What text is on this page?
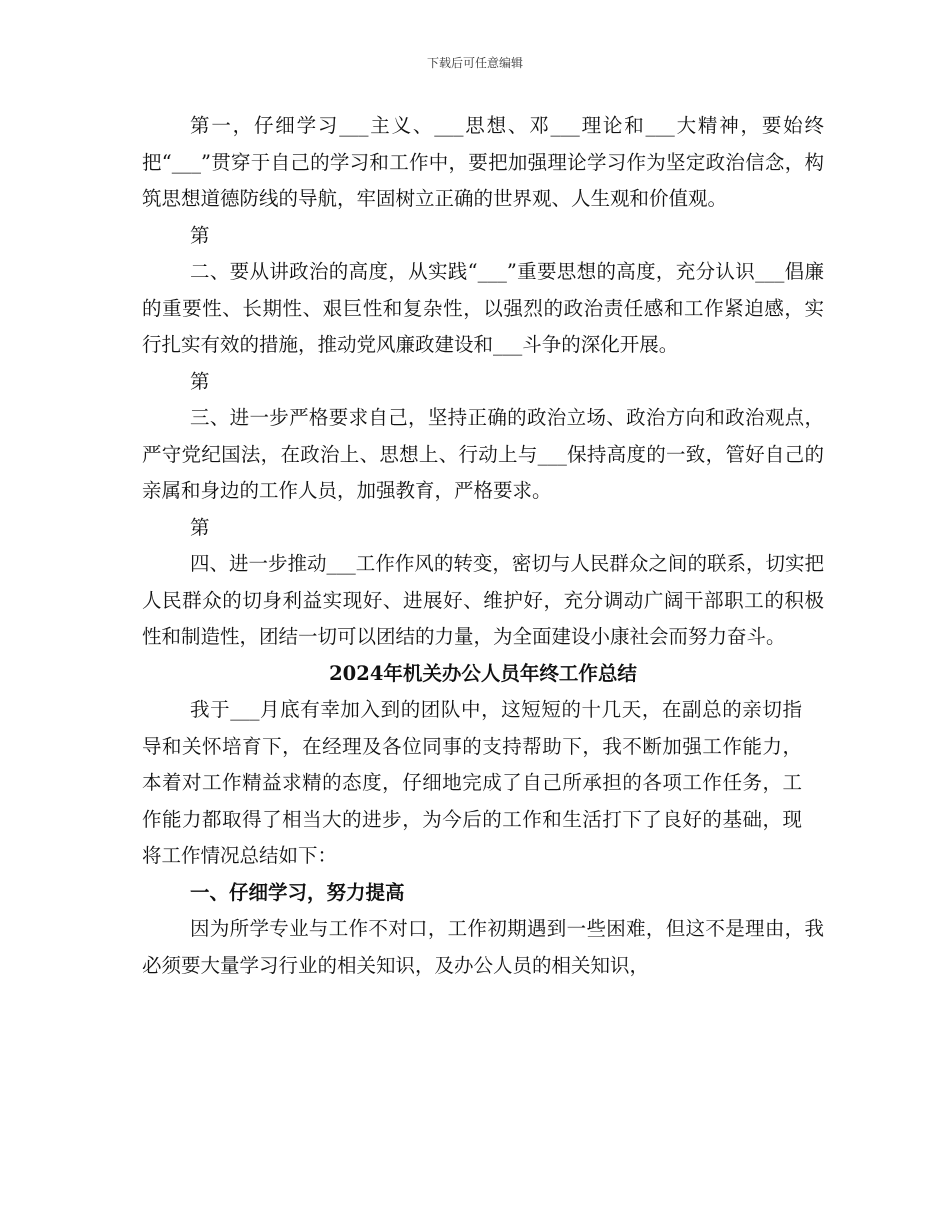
下载后可任意编辑

第一，仔细学习___主义、___思想、邓___理论和___大精神，要始终把“___”贯穿于自己的学习和工作中，要把加强理论学习作为坚定政治信念，构筑思想道德防线的导航，牢固树立正确的世界观、人生观和价值观。

第

二、要从讲政治的高度，从实践“___”重要思想的高度，充分认识___倡廉的重要性、长期性、艰巨性和复杂性，以强烈的政治责任感和工作紧迫感，实行扎实有效的措施，推动党风廉政建设和___斗争的深化开展。

第

三、进一步严格要求自己，坚持正确的政治立场、政治方向和政治观点，严守党纪国法，在政治上、思想上、行动上与___保持高度的一致，管好自己的亲属和身边的工作人员，加强教育，严格要求。

第

四、进一步推动___工作作风的转变，密切与人民群众之间的联系，切实把人民群众的切身利益实现好、进展好、维护好，充分调动广阔干部职工的积极性和制造性，团结一切可以团结的力量，为全面建设小康社会而努力奋斗。

2024年机关办公人员年终工作总结

我于___月底有幸加入到的团队中，这短短的十几天，在副总的亲切指导和关怀培育下，在经理及各位同事的支持帮助下，我不断加强工作能力，本着对工作精益求精的态度，仔细地完成了自己所承担的各项工作任务，工作能力都取得了相当大的进步，为今后的工作和生活打下了良好的基础，现将工作情况总结如下：

一、仔细学习，努力提高

因为所学专业与工作不对口，工作初期遇到一些困难，但这不是理由，我必须要大量学习行业的相关知识，及办公人员的相关知识，
